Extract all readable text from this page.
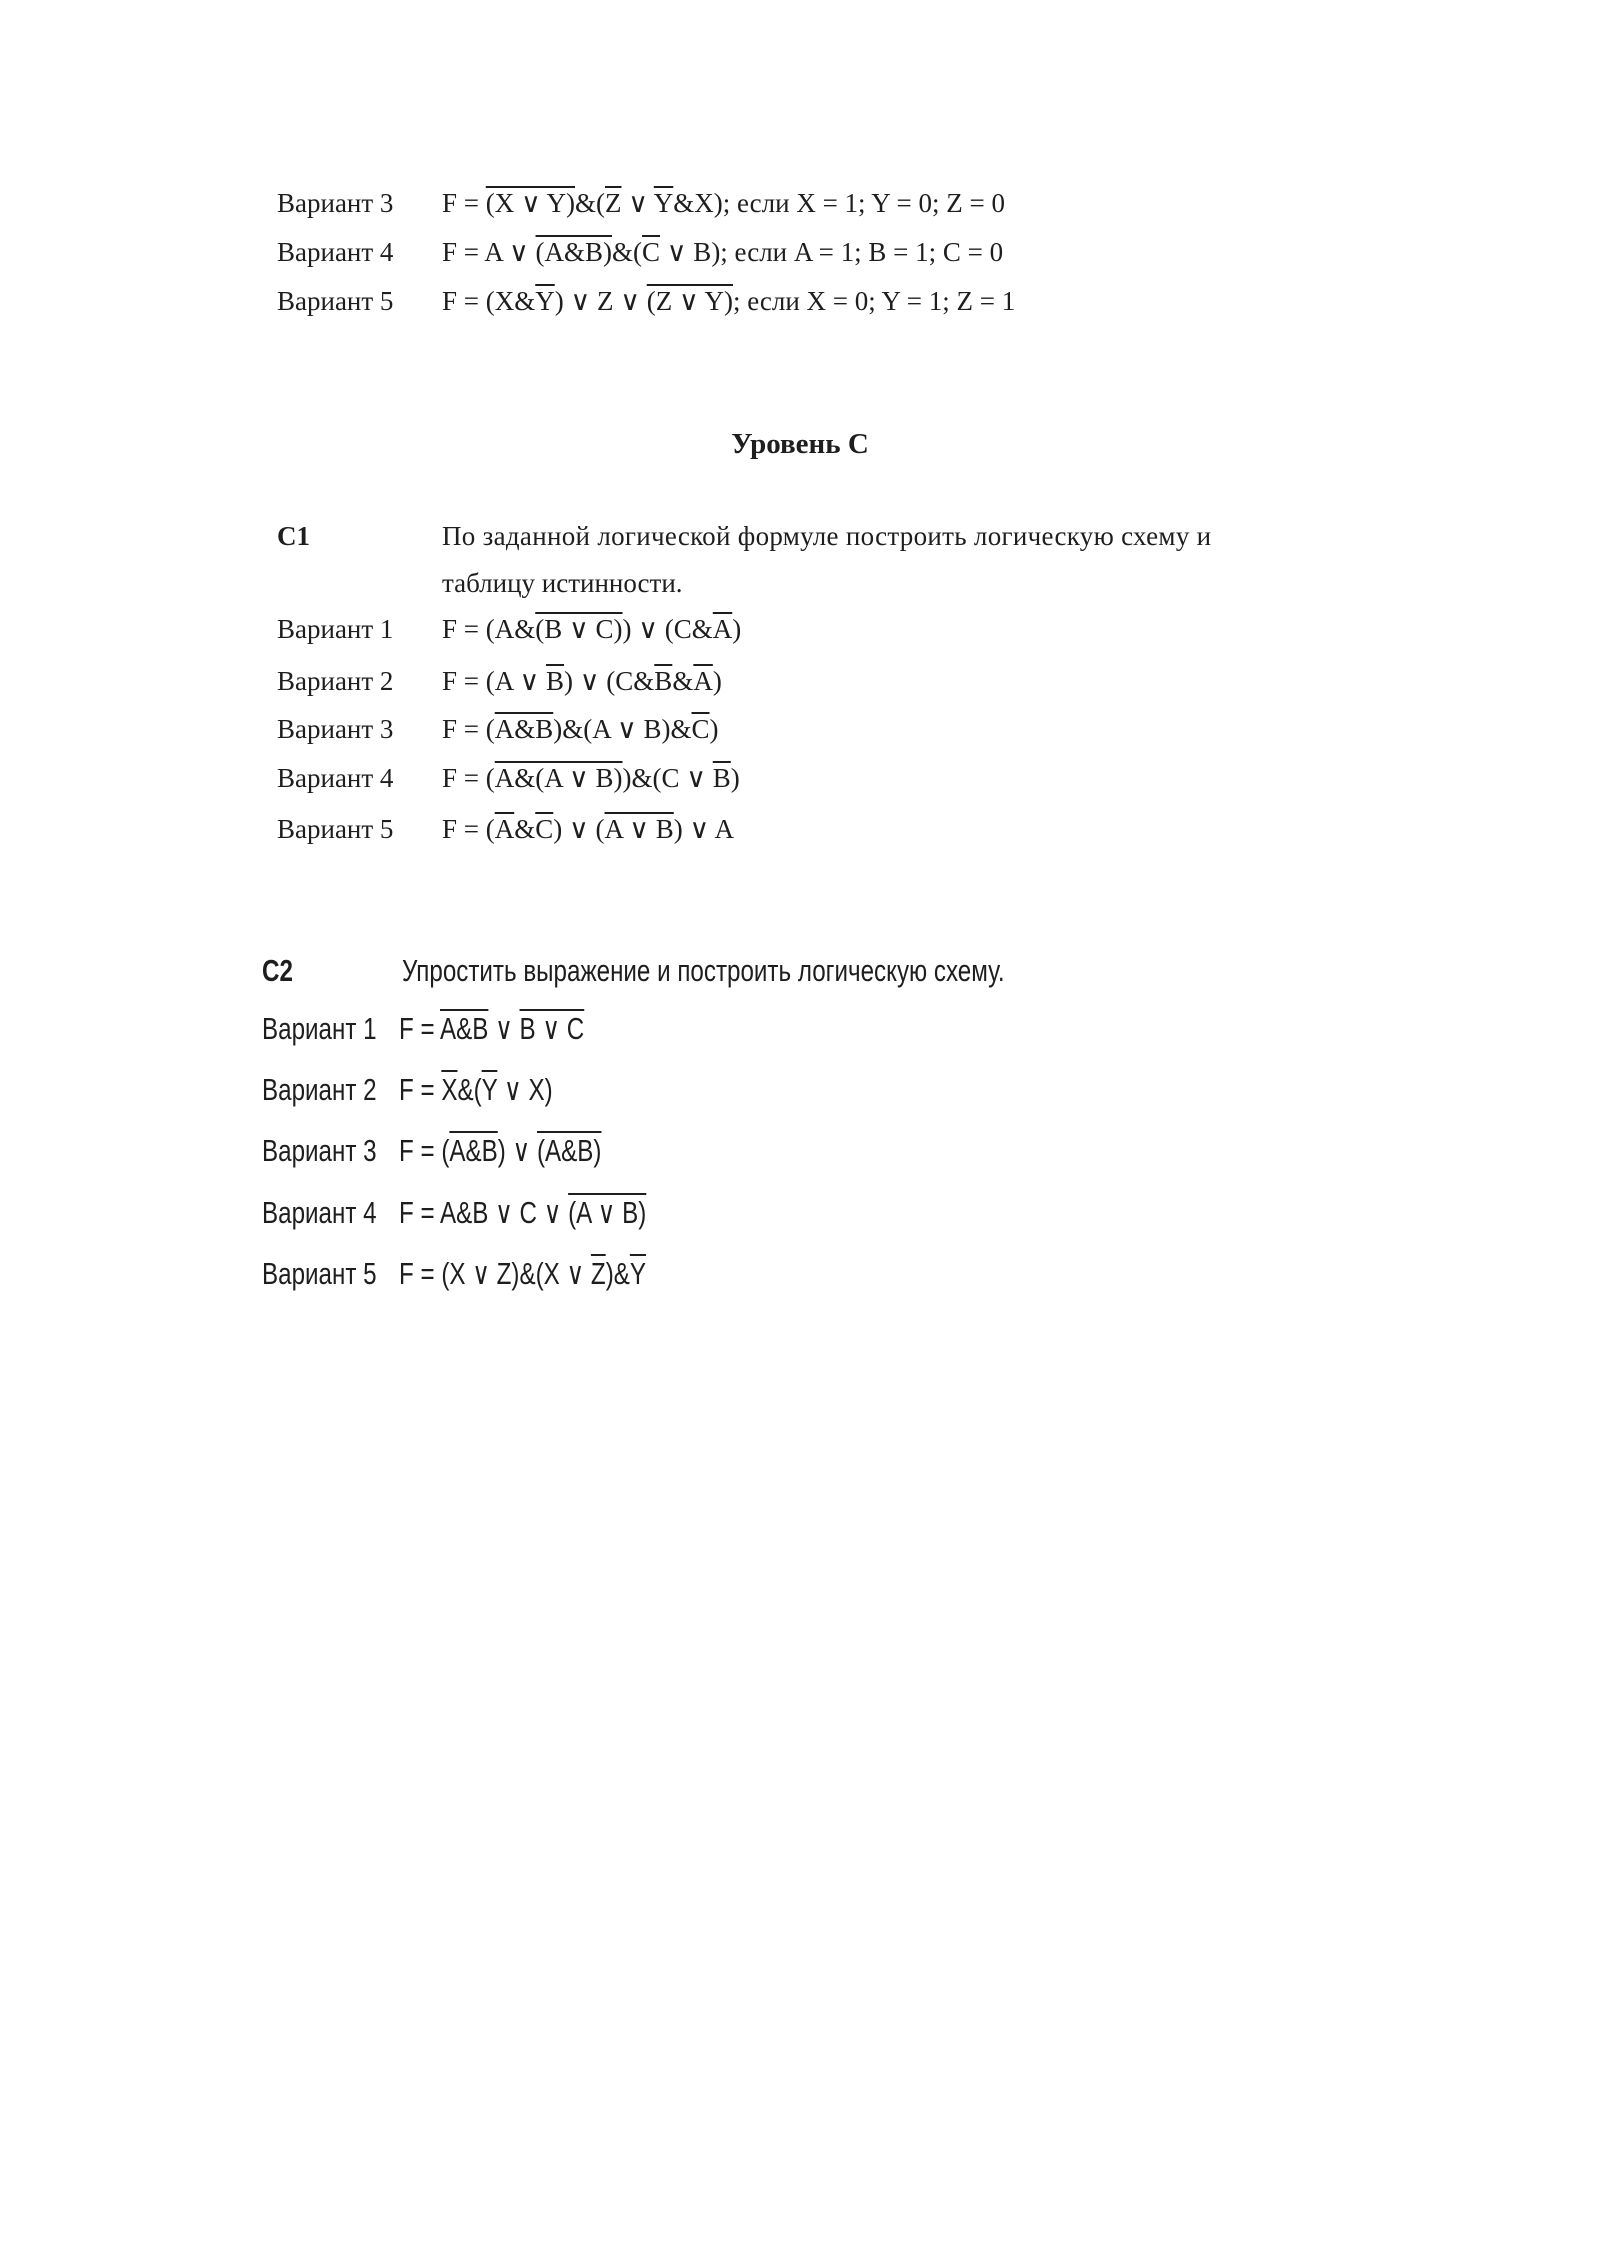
Вариант 3 F = (X ∨ $Y)\&(\overline{Z}$ ∨ $\overline{Y}\&X$); если X = 1; Y = 0; Z = 0
Вариант 4 F = A ∨ $(A\&B)\&(\overline{C}$ ∨ B); если A = 1; B = 1; C = 0
Вариант 5 $F = (X\&\overline{Y})$ ∨ Z ∨ (Z ∨ Y); если X = 0; Y = 1; Z = 1
Уровень С
С1	По заданной логической формуле построить логическую схему и
таблицу истинности.
Вариант 1 F = (A&(B ∨ C)) ∨ $(C\&\overline{A})$
Вариант 2 F = (A ∨ $\overline{B}$) ∨ $(C\&\overline{B}\&\overline{A})$
Вариант 3 F = (A&B)&(A ∨ $B)\&\overline{C}$)
Вариант 4 F = (A&(A ∨ B))&(C ∨ $\overline{B}$)
Вариант 5 $F = (\overline{A}\&\overline{C})$ ∨ (A ∨ B) ∨ A
С2	Упростить выражение и построить логическую схему.
Вариант 1 F = A&B ∨ B ∨ C
Вариант 2 $F = \overline{X}\&(\overline{Y}$ ∨ X)
Вариант 3 F = (A&B) ∨ (A&B)
Вариант 4 F = A&B ∨ C ∨ (A ∨ B)
Вариант 5 F = (X ∨ Z)&(X ∨ $\overline{Z})\&\overline{Y}$
